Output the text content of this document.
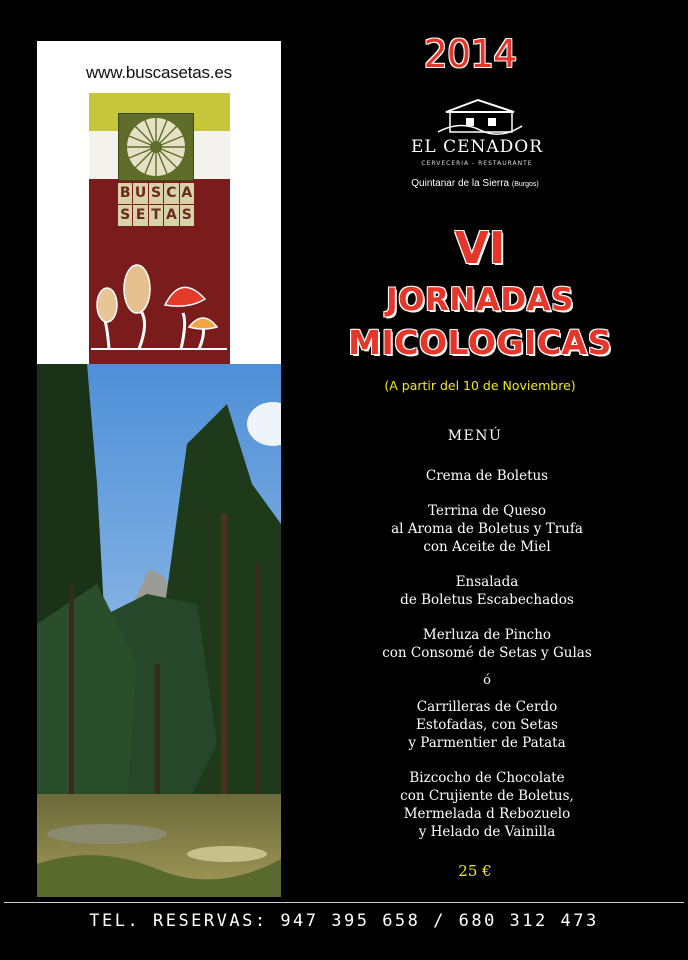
www.buscasetas.es
B U S C A
S E T A S
2014
EL CENADOR
CERVECERIA - RESTAURANTE
Quintanar de la Sierra (Burgos)
VI
JORNADAS
MICOLOGICAS
(A partir del 10 de Noviembre)
MENÚ
Crema de Boletus
Terrina de Queso
al Aroma de Boletus y Trufa
con Aceite de Miel
Ensalada
de Boletus Escabechados
Merluza de Pincho
con Consomé de Setas y Gulas
ó
Carrilleras de Cerdo
Estofadas, con Setas
y Parmentier de Patata
Bizcocho de Chocolate
con Crujiente de Boletus,
Mermelada d Rebozuelo
y Helado de Vainilla
25 €
TEL. RESERVAS: 947 395 658 / 680 312 473
